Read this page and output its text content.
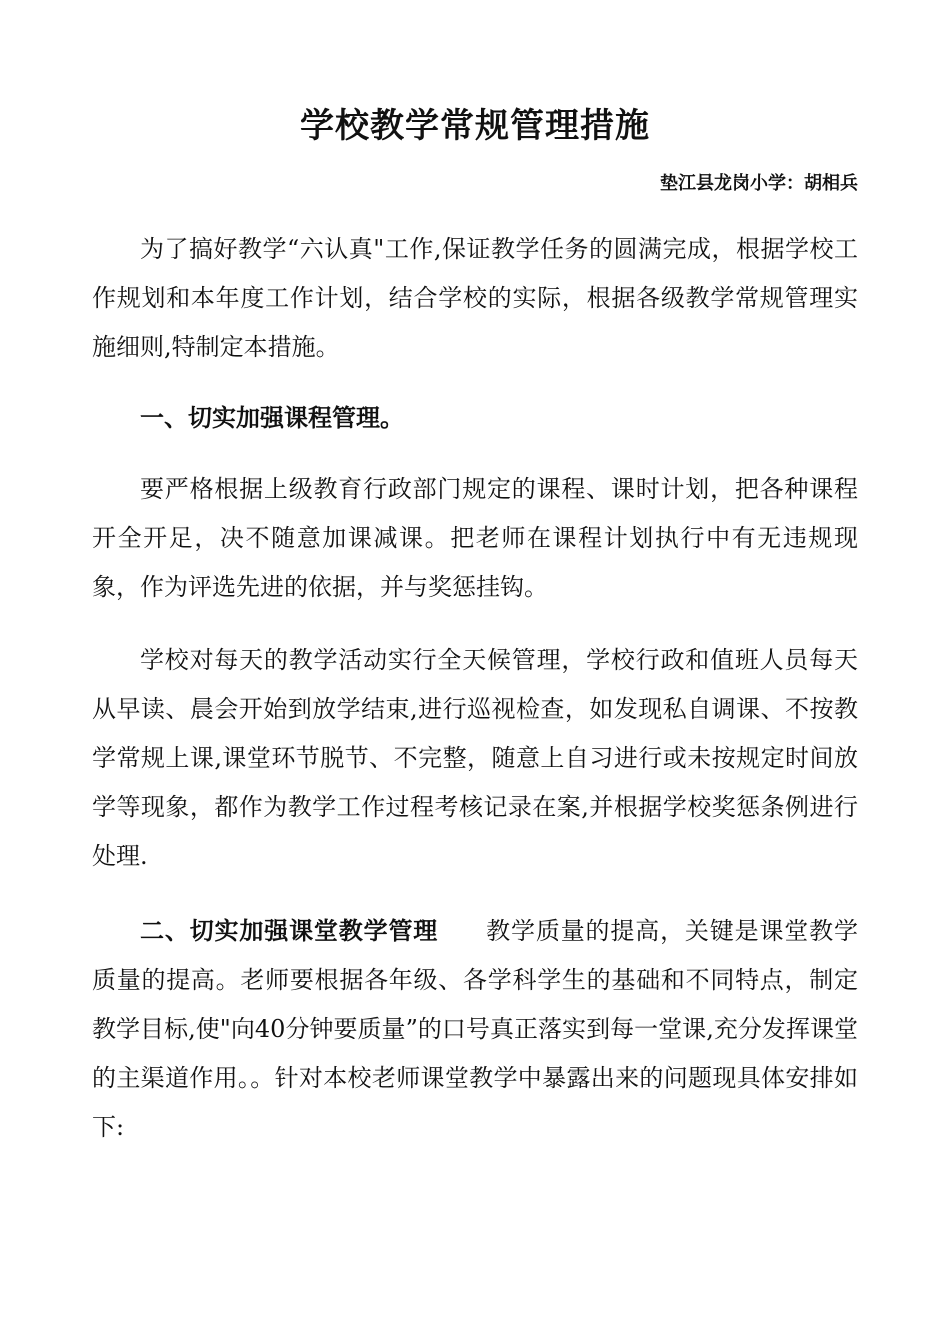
学校教学常规管理措施

垫江县龙岗小学：胡相兵

为了搞好教学“六认真"工作,保证教学任务的圆满完成，根据学校工作规划和本年度工作计划，结合学校的实际，根据各级教学常规管理实施细则,特制定本措施。

一、切实加强课程管理。

要严格根据上级教育行政部门规定的课程、课时计划，把各种课程开全开足，决不随意加课减课。把老师在课程计划执行中有无违规现象，作为评选先进的依据，并与奖惩挂钩。

学校对每天的教学活动实行全天候管理，学校行政和值班人员每天从早读、晨会开始到放学结束,进行巡视检查，如发现私自调课、不按教学常规上课,课堂环节脱节、不完整，随意上自习进行或未按规定时间放学等现象，都作为教学工作过程考核记录在案,并根据学校奖惩条例进行处理.

二、切实加强课堂教学管理 教学质量的提高，关键是课堂教学质量的提高。老师要根据各年级、各学科学生的基础和不同特点，制定教学目标,使"向40分钟要质量”的口号真正落实到每一堂课,充分发挥课堂的主渠道作用。。针对本校老师课堂教学中暴露出来的问题现具体安排如下:
